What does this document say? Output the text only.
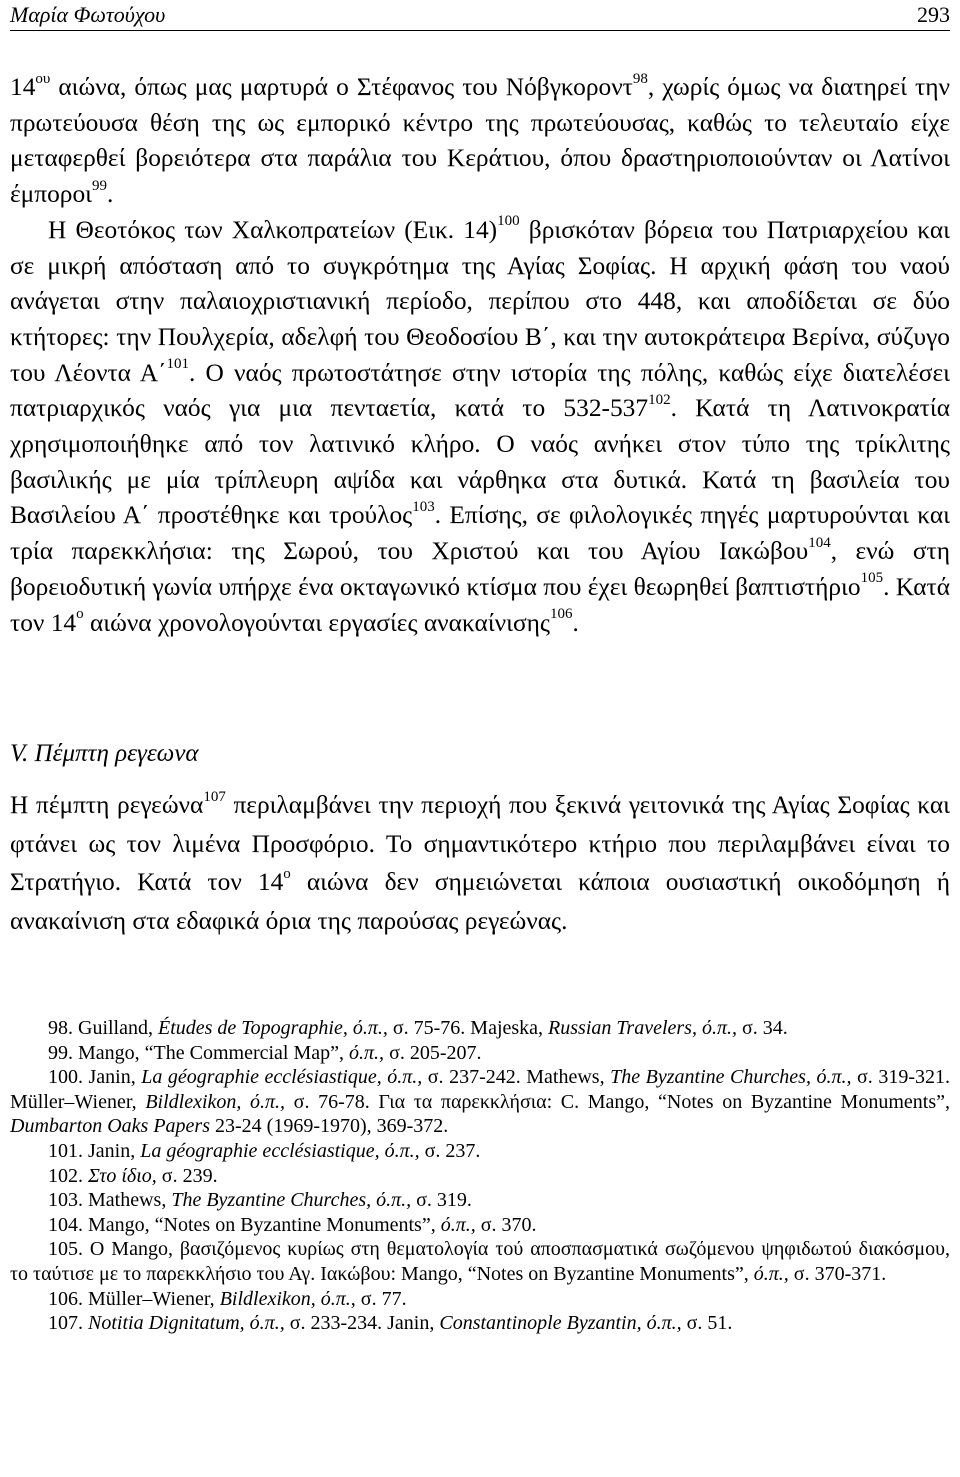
Μαρία Φωτούχου	293

$14^{o\upsilon}$ αιώνα, όπως μας μαρτυρά ο Στέφανος του Νόβγκοροντ$^{98}$, χωρίς όμως να διατηρεί την πρωτεύουσα θέση της ως εμπορικό κέντρο της πρωτεύουσας, καθώς το τελευταίο είχε μεταφερθεί βορειότερα στα παράλια του Κεράτιου, όπου δραστηριοποιούνταν οι Λατίνοι έμποροι$^{99}$.

Η Θεοτόκος των Χαλκοπρατείων (Εικ. 14)$^{100}$ βρισκόταν βόρεια του Πατριαρχείου και σε μικρή απόσταση από το συγκρότημα της Αγίας Σοφίας. Η αρχική φάση του ναού ανάγεται στην παλαιοχριστιανική περίοδο, περίπου στο 448, και αποδίδεται σε δύο κτήτορες: την Πουλχερία, αδελφή του Θεοδοσίου Β΄, και την αυτοκράτειρα Βερίνα, σύζυγο του Λέοντα Α΄$^{101}$. Ο ναός πρωτοστάτησε στην ιστορία της πόλης, καθώς είχε διατελέσει πατριαρχικός ναός για μια πενταετία, κατά το $532-537^{102}$. Κατά τη Λατινοκρατία χρησιμοποιήθηκε από τον λατινικό κλήρο. Ο ναός ανήκει στον τύπο της τρίκλιτης βασιλικής με μία τρίπλευρη αψίδα και νάρθηκα στα δυτικά. Κατά τη βασιλεία του Βασιλείου Α΄ προστέθηκε και τρούλος$^{103}$. Επίσης, σε φιλολογικές πηγές μαρτυρούνται και τρία παρεκκλήσια: της Σωρού, του Χριστού και του Αγίου Ιακώβου$^{104}$, ενώ στη βορειοδυτική γωνία υπήρχε ένα οκταγωνικό κτίσμα που έχει θεωρηθεί βαπτιστήριο$^{105}$. Κατά τον $14^o$ αιώνα χρονολογούνται εργασίες ανακαίνισης$^{106}$.

V. Πέμπτη ρεγεωνα

Η πέμπτη ρεγεώνα$^{107}$ περιλαμβάνει την περιοχή που ξεκινά γειτονικά της Αγίας Σοφίας και φτάνει ως τον λιμένα Προσφόριο. Το σημαντικότερο κτήριο που περιλαμβάνει είναι το Στρατήγιο. Κατά τον $14^o$ αιώνα δεν σημειώνεται κάποια ουσιαστική οικοδόμηση ή ανακαίνιση στα εδαφικά όρια της παρούσας ρεγεώνας.

98. Guilland, Études de Topographie, ό.π., σ. 75-76. Majeska, Russian Travelers, ό.π., σ. 34.

99. Mango, “The Commercial Map”, ό.π., σ. 205-207.

100. Janin, La géographie ecclésiastique, ό.π., σ. 237-242. Mathews, The Byzantine Churches, ό.π., σ. 319-321. Müller–Wiener, Bildlexikon, ό.π., σ. 76-78. Για τα παρεκκλήσια: C. Mango, “Notes on Byzantine Monuments”, Dumbarton Oaks Papers 23-24 (1969-1970), 369-372.

101. Janin, La géographie ecclésiastique, ό.π., σ. 237.

102. Στο ίδιο, σ. 239.

103. Mathews, The Byzantine Churches, ό.π., σ. 319.

104. Mango, “Notes on Byzantine Monuments”, ό.π., σ. 370.

105. Ο Mango, βασιζόμενος κυρίως στη θεματολογία τού αποσπασματικά σωζόμενου ψηφιδωτού διακόσμου, το ταύτισε με το παρεκκλήσιο του Αγ. Ιακώβου: Mango, “Notes on Byzantine Monuments”, ό.π., σ. 370-371.

106. Müller–Wiener, Bildlexikon, ό.π., σ. 77.

107. Notitia Dignitatum, ό.π., σ. 233-234. Janin, Constantinople Byzantin, ό.π., σ. 51.
